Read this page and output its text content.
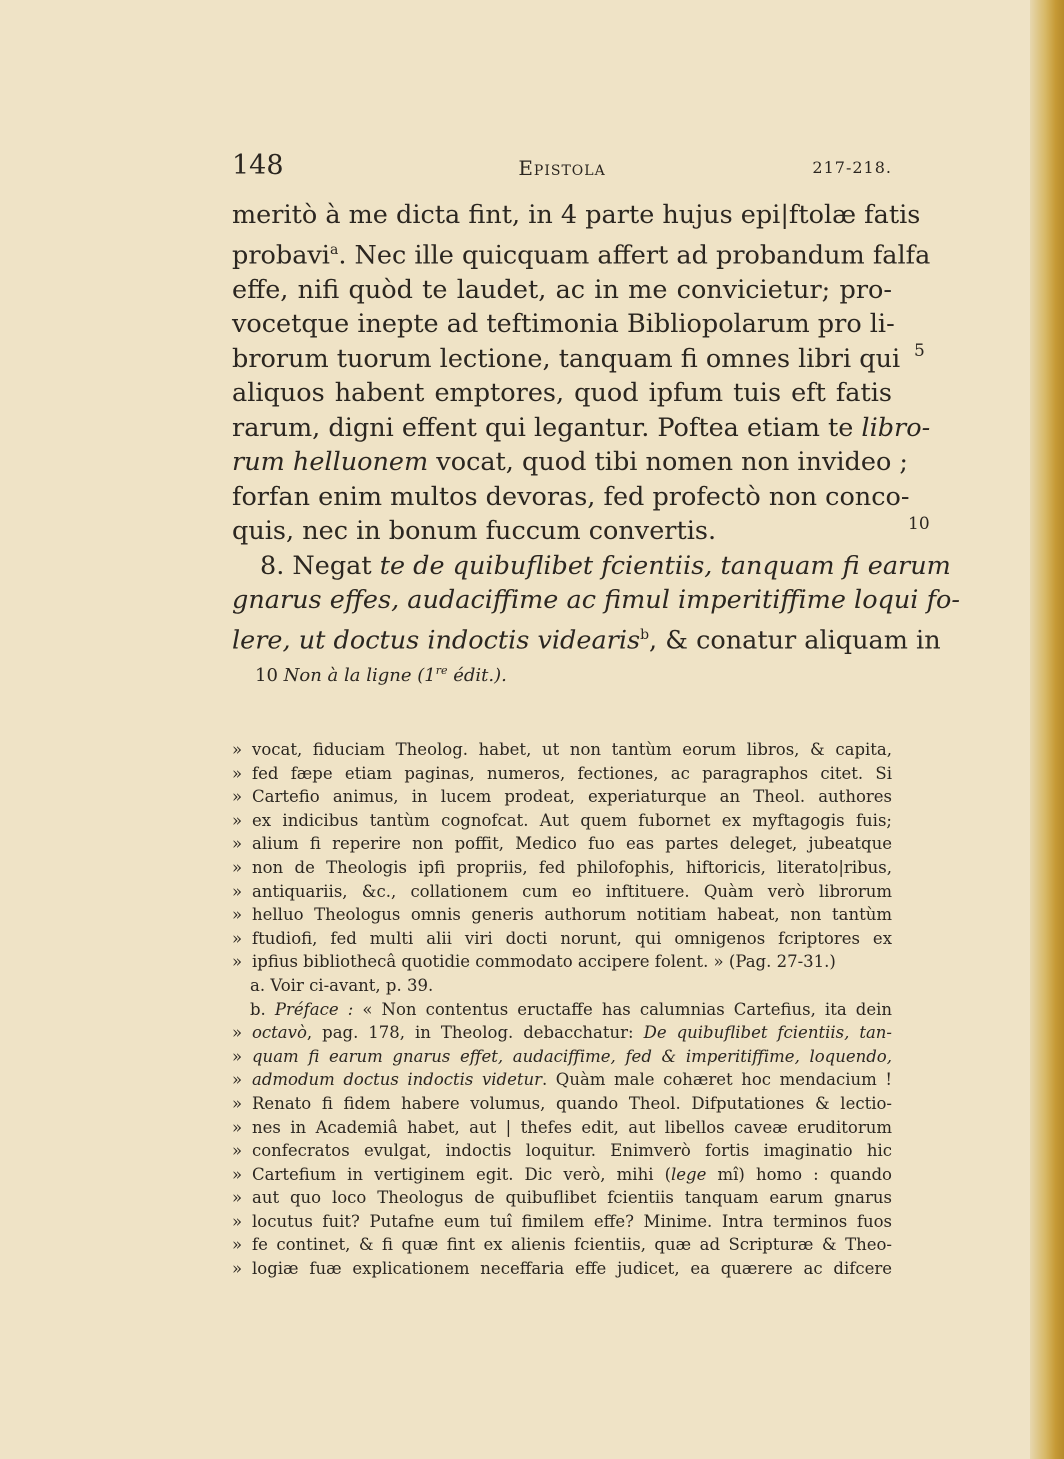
148	Epistola	217-218.
meritò à me dicta fint, in 4 parte hujus epi|ftolæ fatis
probavi$^a$. Nec ille quicquam affert ad probandum falfa
effe, nifi quòd te laudet, ac in me convicietur; pro-
vocetque inepte ad teftimonia Bibliopolarum pro li-
brorum tuorum lectione, tanquam fi omnes libri qui
aliquos habent emptores, quod ipfum tuis eft fatis
rarum, digni effent qui legantur. Poftea etiam te libro-
rum helluonem vocat, quod tibi nomen non invideo ;
forfan enim multos devoras, fed profectò non conco-
quis, nec in bonum fuccum convertis.
8. Negat te de quibuflibet fcientiis, tanquam fi earum
gnarus effes, audaciffime ac fimul imperitiffime loqui fo-
lere, ut doctus indoctis videaris$^b$, & conatur aliquam in
5
10
10 Non à la ligne (1re édit.).
» vocat, fiduciam Theolog. habet, ut non tantùm eorum libros, & capita,
» fed fæpe etiam paginas, numeros, fectiones, ac paragraphos citet. Si
» Cartefio animus, in lucem prodeat, experiaturque an Theol. authores
» ex indicibus tantùm cognofcat. Aut quem fubornet ex myftagogis fuis;
» alium fi reperire non poffit, Medico fuo eas partes deleget, jubeatque
» non de Theologis ipfi propriis, fed philofophis, hiftoricis, literato|ribus,
» antiquariis, &c., collationem cum eo inftituere. Quàm verò librorum
» helluo Theologus omnis generis authorum notitiam habeat, non tantùm
» ftudiofi, fed multi alii viri docti norunt, qui omnigenos fcriptores ex
» ipfius bibliothecâ quotidie commodato accipere folent. » (Pag. 27-31.)
a. Voir ci-avant, p. 39.
b. Préface : « Non contentus eructaffe has calumnias Cartefius, ita dein
» octavò, pag. 178, in Theolog. debacchatur: De quibuflibet fcientiis, tan-
» quam fi earum gnarus effet, audaciffime, fed & imperitiffime, loquendo,
» admodum doctus indoctis videtur. Quàm male cohæret hoc mendacium !
» Renato fi fidem habere volumus, quando Theol. Difputationes & lectio-
» nes in Academiâ habet, aut | thefes edit, aut libellos caveæ eruditorum
» confecratos evulgat, indoctis loquitur. Enimverò fortis imaginatio hic
» Cartefium in vertiginem egit. Dic verò, mihi (lege mî) homo : quando
» aut quo loco Theologus de quibuflibet fcientiis tanquam earum gnarus
» locutus fuit? Putafne eum tuî fimilem effe? Minime. Intra terminos fuos
» fe continet, & fi quæ fint ex alienis fcientiis, quæ ad Scripturæ & Theo-
» logiæ fuæ explicationem neceffaria effe judicet, ea quærere ac difcere
